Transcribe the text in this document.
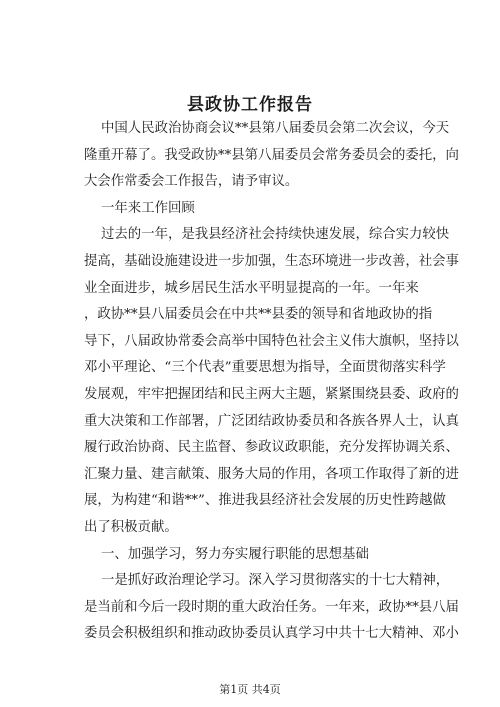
县政协工作报告
中国人民政治协商会议**县第八届委员会第二次会议，今天
隆重开幕了。我受政协**县第八届委员会常务委员会的委托，向
大会作常委会工作报告，请予审议。
一年来工作回顾
过去的一年，是我县经济社会持续快速发展，综合实力较快
提高，基础设施建设进一步加强，生态环境进一步改善，社会事
业全面进步，城乡居民生活水平明显提高的一年。一年来
，政协**县八届委员会在中共**县委的领导和省地政协的指
导下，八届政协常委会高举中国特色社会主义伟大旗帜，坚持以
邓小平理论、“三个代表”重要思想为指导，全面贯彻落实科学
发展观，牢牢把握团结和民主两大主题，紧紧围绕县委、政府的
重大决策和工作部署，广泛团结政协委员和各族各界人士，认真
履行政治协商、民主监督、参政议政职能，充分发挥协调关系、
汇聚力量、建言献策、服务大局的作用，各项工作取得了新的进
展，为构建“和谐**”、推进我县经济社会发展的历史性跨越做
出了积极贡献。
一、加强学习，努力夯实履行职能的思想基础
一是抓好政治理论学习。深入学习贯彻落实的十七大精神，
是当前和今后一段时期的重大政治任务。一年来，政协**县八届
委员会积极组织和推动政协委员认真学习中共十七大精神、邓小
第1页 共4页
